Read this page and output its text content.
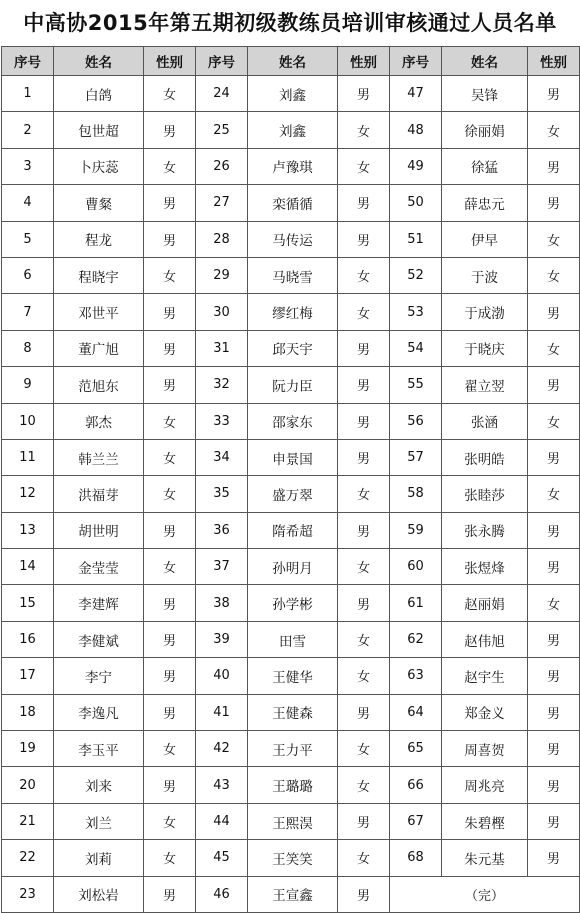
中高协2015年第五期初级教练员培训审核通过人员名单
序号	姓名	性别	序号	姓名	性别	序号	姓名	性别
1	白鸽	女	24	刘鑫	男	47	吴锋	男
2	包世超	男	25	刘鑫	女	48	徐丽娟	女
3	卜庆蕊	女	26	卢豫琪	女	49	徐猛	男
4	曹粲	男	27	栾循循	男	50	薛忠元	男
5	程龙	男	28	马传运	男	51	伊早	女
6	程晓宇	女	29	马晓雪	女	52	于波	女
7	邓世平	男	30	缪红梅	女	53	于成渤	男
8	董广旭	男	31	邱天宇	男	54	于晓庆	女
9	范旭东	男	32	阮力臣	男	55	翟立翌	男
10	郭杰	女	33	邵家东	男	56	张涵	女
11	韩兰兰	女	34	申景国	男	57	张明皓	男
12	洪福芽	女	35	盛万翠	女	58	张睦莎	女
13	胡世明	男	36	隋希超	男	59	张永腾	男
14	金莹莹	女	37	孙明月	女	60	张煜烽	男
15	李建辉	男	38	孙学彬	男	61	赵丽娟	女
16	李健斌	男	39	田雪	女	62	赵伟旭	男
17	李宁	男	40	王健华	女	63	赵宇生	男
18	李逸凡	男	41	王健森	男	64	郑金义	男
19	李玉平	女	42	王力平	女	65	周喜贺	男
20	刘来	男	43	王璐璐	女	66	周兆亮	男
21	刘兰	女	44	王熙淏	男	67	朱碧樫	男
22	刘莉	女	45	王笑笑	女	68	朱元基	男
23	刘松岩	男	46	王宣鑫	男	（完）		
